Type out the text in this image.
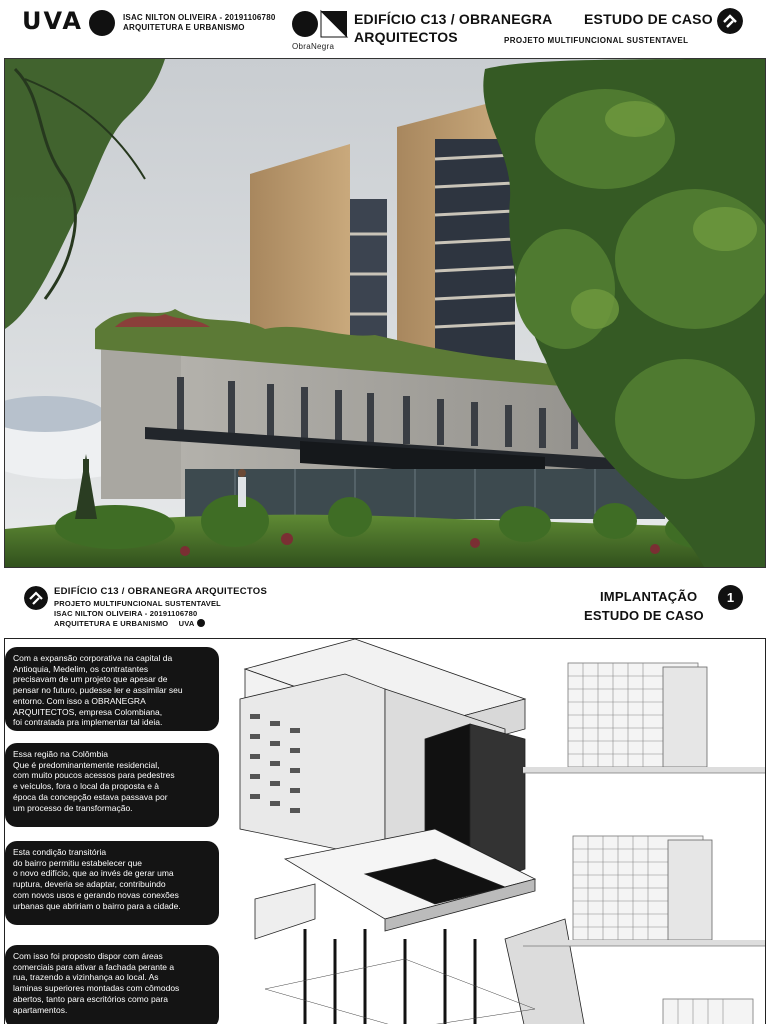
UVA	ISAC NILTON OLIVEIRA - 20191106780
ARQUITETURA E URBANISMO
ObraNegra
EDIFÍCIO C13 / OBRANEGRA
ARQUITECTOS
ESTUDO DE CASO
PROJETO MULTIFUNCIONAL SUSTENTAVEL
EDIFÍCIO C13 / OBRANEGRA ARQUITECTOS
PROJETO MULTIFUNCIONAL SUSTENTAVEL
ISAC NILTON OLIVEIRA - 20191106780
ARQUITETURA E URBANISMO UVA
IMPLANTAÇÃO	1
ESTUDO DE CASO
Com a expansão corporativa na capital da
Antioquia, Medelim, os contratantes
precisavam de um projeto que apesar de
pensar no futuro, pudesse ler e assimilar seu
entorno. Com isso a OBRANEGRA
ARQUITECTOS, empresa Colombiana,
foi contratada pra implementar tal ideia.
Essa região na Colômbia
Que é predominantemente residencial,
com muito poucos acessos para pedestres
e veículos, fora o local da proposta e à
época da concepção estava passava por
um processo de transformação.
Esta condição transitória
do bairro permitiu estabelecer que
o novo edifício, que ao invés de gerar uma
ruptura, deveria se adaptar, contribuindo
com novos usos e gerando novas conexões
urbanas que abririam o bairro para a cidade.
Com isso foi proposto dispor com áreas
comerciais para ativar a fachada perante a
rua, trazendo a vizinhança ao local. As
laminas superiores montadas com cômodos
abertos, tanto para escritórios como para
apartamentos.
